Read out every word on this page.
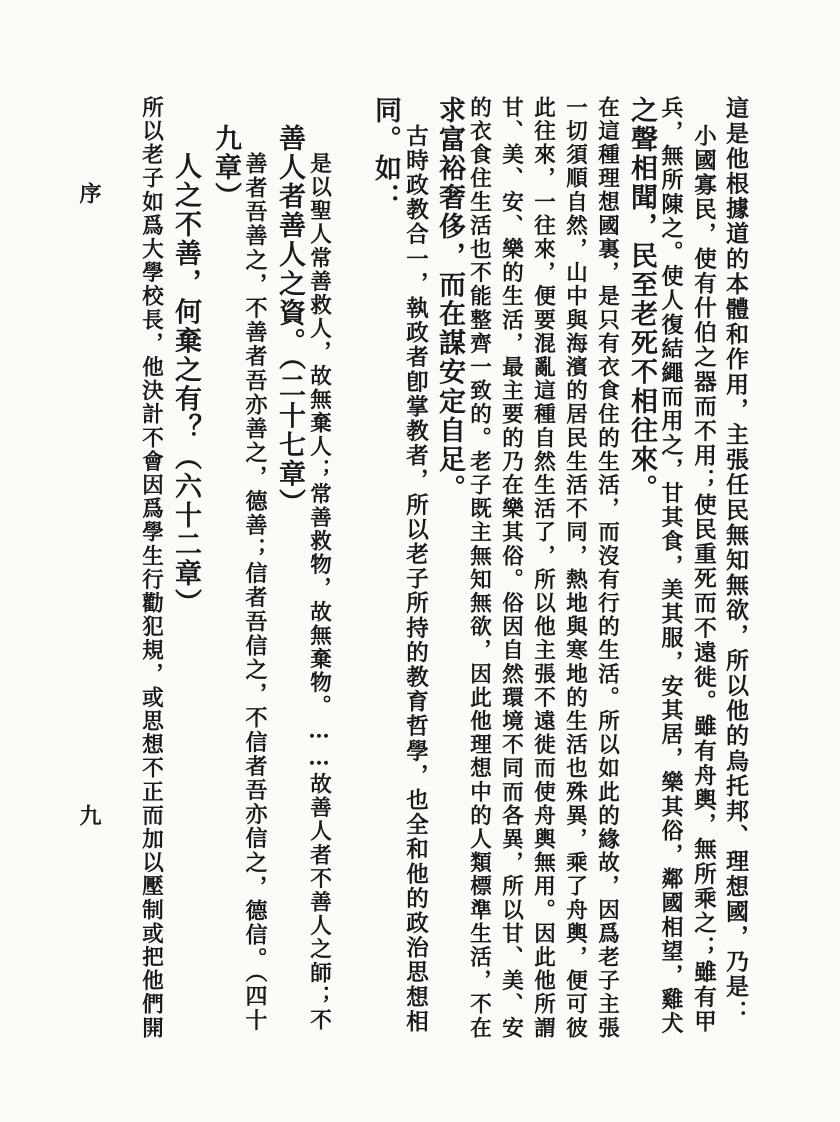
這是他根據道的本體和作用，主張任民無知無欲，所以他的烏托邦、理想國，乃是：
小國寡民，使有什伯之器而不用；使民重死而不遠徙。雖有舟輿，無所乘之；雖有甲
兵，無所陳之。使人復結繩而用之，甘其食，美其服，安其居，樂其俗，鄰國相望，雞犬
之聲相聞，民至老死不相往來。
在這種理想國裏，是只有衣食住的生活，而沒有行的生活。所以如此的緣故，因爲老子主張
一切須順自然，山中與海濱的居民生活不同，熱地與寒地的生活也殊異，乘了舟輿，便可彼
此往來，一往來，便要混亂這種自然生活了，所以他主張不遠徙而使舟輿無用。因此他所謂
甘、美、安、樂的生活，最主要的乃在樂其俗。俗因自然環境不同而各異，所以甘、美、安
的衣食住生活也不能整齊一致的。老子既主無知無欲，因此他理想中的人類標準生活，不在
求富裕奢侈，而在謀安定自足。
古時政教合一，執政者卽掌教者，所以老子所持的教育哲學，也全和他的政治思想相
同。如：
是以聖人常善救人，故無棄人；常善救物，故無棄物。……故善人者不善人之師；不
善人者善人之資。（二十七章）
善者吾善之，不善者吾亦善之，德善；信者吾信之，不信者吾亦信之，德信。（四十
九章）
人之不善，何棄之有？（六十二章）
所以老子如爲大學校長，他決計不會因爲學生行勸犯規，或思想不正而加以壓制或把他們開
序
九
